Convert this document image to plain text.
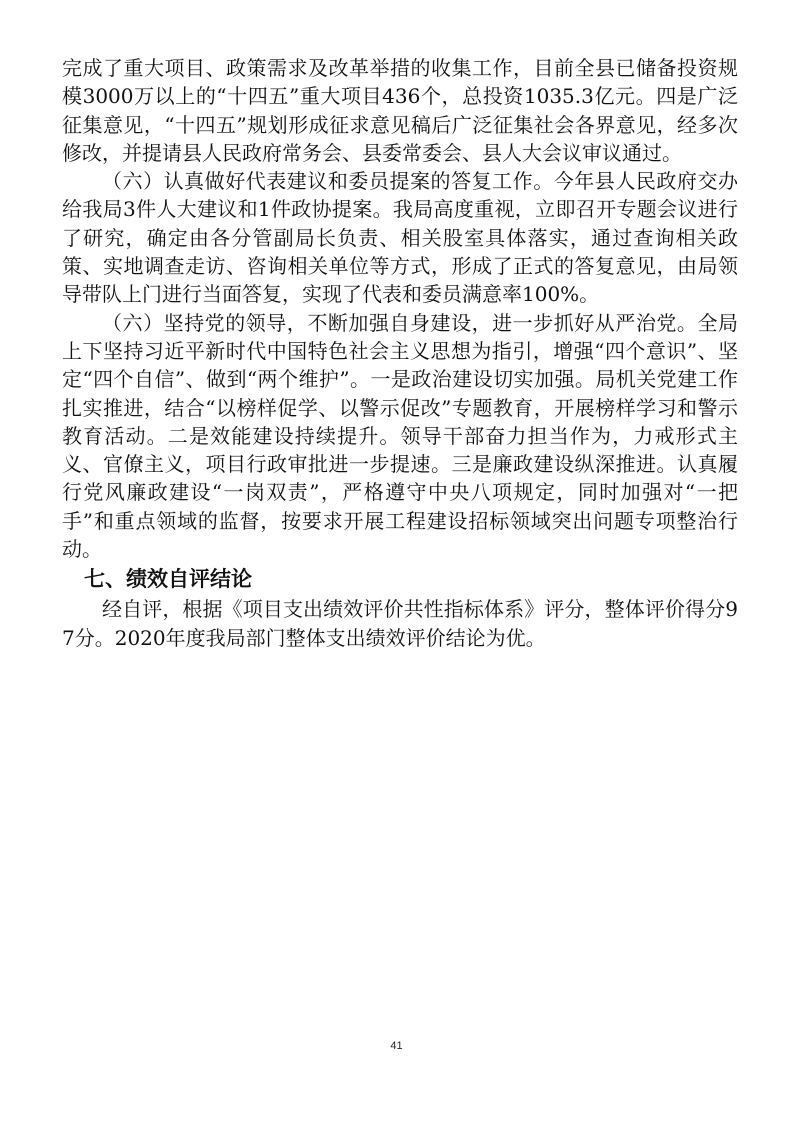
完成了重大项目、政策需求及改革举措的收集工作，目前全县已储备投资规模3000万以上的“十四五”重大项目436个，总投资1035.3亿元。四是广泛征集意见，“十四五”规划形成征求意见稿后广泛征集社会各界意见，经多次修改，并提请县人民政府常务会、县委常委会、县人大会议审议通过。

（六）认真做好代表建议和委员提案的答复工作。今年县人民政府交办给我局3件人大建议和1件政协提案。我局高度重视，立即召开专题会议进行了研究，确定由各分管副局长负责、相关股室具体落实，通过查询相关政策、实地调查走访、咨询相关单位等方式，形成了正式的答复意见，由局领导带队上门进行当面答复，实现了代表和委员满意率100%。

（六）坚持党的领导，不断加强自身建设，进一步抓好从严治党。全局上下坚持习近平新时代中国特色社会主义思想为指引，增强“四个意识”、坚定“四个自信”、做到“两个维护”。一是政治建设切实加强。局机关党建工作扎实推进，结合“以榜样促学、以警示促改”专题教育，开展榜样学习和警示教育活动。二是效能建设持续提升。领导干部奋力担当作为，力戒形式主义、官僚主义，项目行政审批进一步提速。三是廉政建设纵深推进。认真履行党风廉政建设“一岗双责”，严格遵守中央八项规定，同时加强对“一把手”和重点领域的监督，按要求开展工程建设招标领域突出问题专项整治行动。

七、绩效自评结论

经自评，根据《项目支出绩效评价共性指标体系》评分，整体评价得分97分。2020年度我局部门整体支出绩效评价结论为优。

41
